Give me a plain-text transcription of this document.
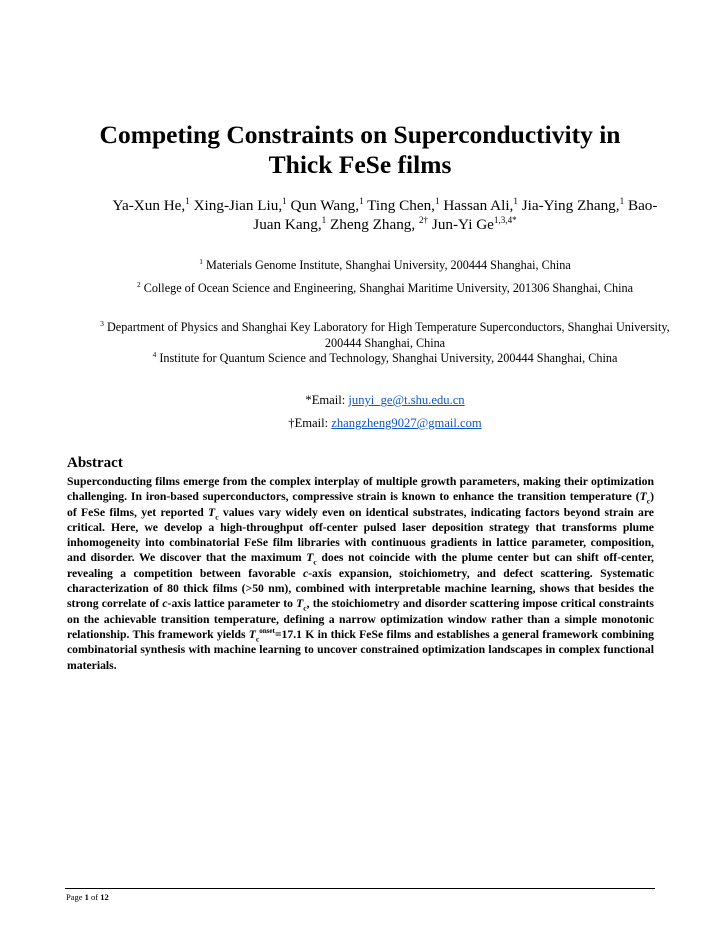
Competing Constraints on Superconductivity in
Thick FeSe films
Ya-Xun He,$^1$ Xing-Jian Liu,$^1$ Qun Wang,$^1$ Ting Chen,$^1$ Hassan Ali,$^1$ Jia-Ying Zhang,$^1$ Bao-Juan Kang,$^1$ Zheng Zhang, $^{2\dagger}$ Jun-Yi $Ge^{1,3,4*}$
$^1$ Materials Genome Institute, Shanghai University, 200444 Shanghai, China
$^2$ College of Ocean Science and Engineering, Shanghai Maritime University, 201306 Shanghai, China
$^3$ Department of Physics and Shanghai Key Laboratory for High Temperature Superconductors, Shanghai University, 200444 Shanghai, China
$^4$ Institute for Quantum Science and Technology, Shanghai University, 200444 Shanghai, China
*Email: junyi_ge@t.shu.edu.cn
†Email: zhangzheng9027@gmail.com
Abstract
Superconducting films emerge from the complex interplay of multiple growth parameters, making their optimization challenging. In iron-based superconductors, compressive strain is known to enhance the transition temperature $(T_c)$ of FeSe films, yet reported $T_c$ values vary widely even on identical substrates, indicating factors beyond strain are critical. Here, we develop a high-throughput off-center pulsed laser deposition strategy that transforms plume inhomogeneity into combinatorial FeSe film libraries with continuous gradients in lattice parameter, composition, and disorder. We discover that the maximum $T_c$ does not coincide with the plume center but can shift off-center, revealing a competition between favorable c-axis expansion, stoichiometry, and defect scattering. Systematic characterization of 80 thick films (>50 nm), combined with interpretable machine learning, shows that besides the strong correlate of c-axis lattice parameter to $T_c$, the stoichiometry and disorder scattering impose critical constraints on the achievable transition temperature, defining a narrow optimization window rather than a simple monotonic relationship. This framework yields $T_c^{onset}=17.1$ K in thick FeSe films and establishes a general framework combining combinatorial synthesis with machine learning to uncover constrained optimization landscapes in complex functional materials.
Page 1 of 12
